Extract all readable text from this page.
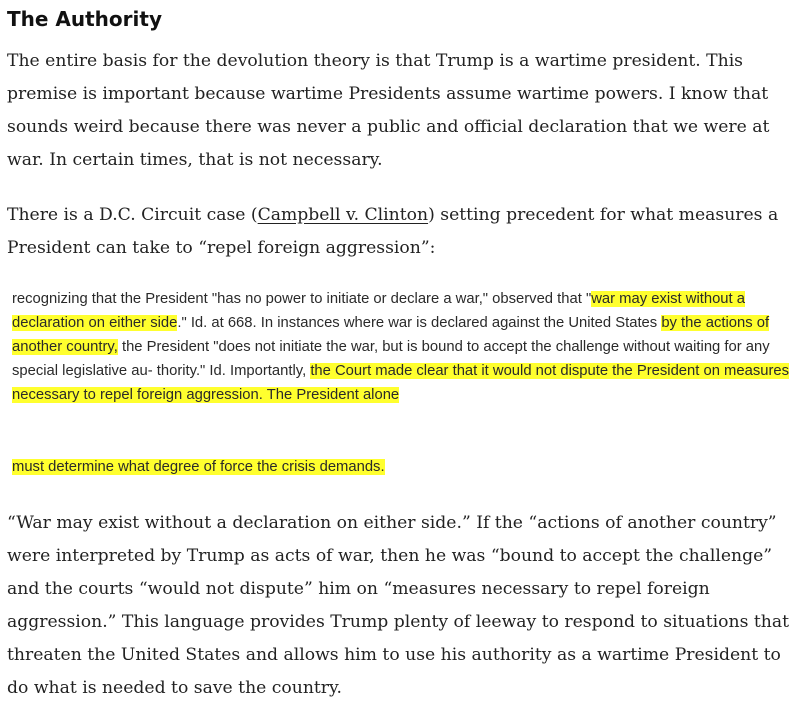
The Authority

The entire basis for the devolution theory is that Trump is a wartime president. This premise is important because wartime Presidents assume wartime powers. I know that sounds weird because there was never a public and official declaration that we were at war. In certain times, that is not necessary.

There is a D.C. Circuit case (Campbell v. Clinton) setting precedent for what measures a President can take to “repel foreign aggression”:

recognizing that the President "has no power to initiate or declare a war," observed that "war may exist without a declaration on either side." Id. at 668. In instances where war is declared against the United States by the actions of another country, the President "does not initiate the war, but is bound to accept the challenge without waiting for any special legislative au- thority." Id. Importantly, the Court made clear that it would not dispute the President on measures necessary to repel foreign aggression. The President alone

must determine what degree of force the crisis demands.

“War may exist without a declaration on either side.” If the “actions of another country” were interpreted by Trump as acts of war, then he was “bound to accept the challenge” and the courts “would not dispute” him on “measures necessary to repel foreign aggression.” This language provides Trump plenty of leeway to respond to situations that threaten the United States and allows him to use his authority as a wartime President to do what is needed to save the country.
